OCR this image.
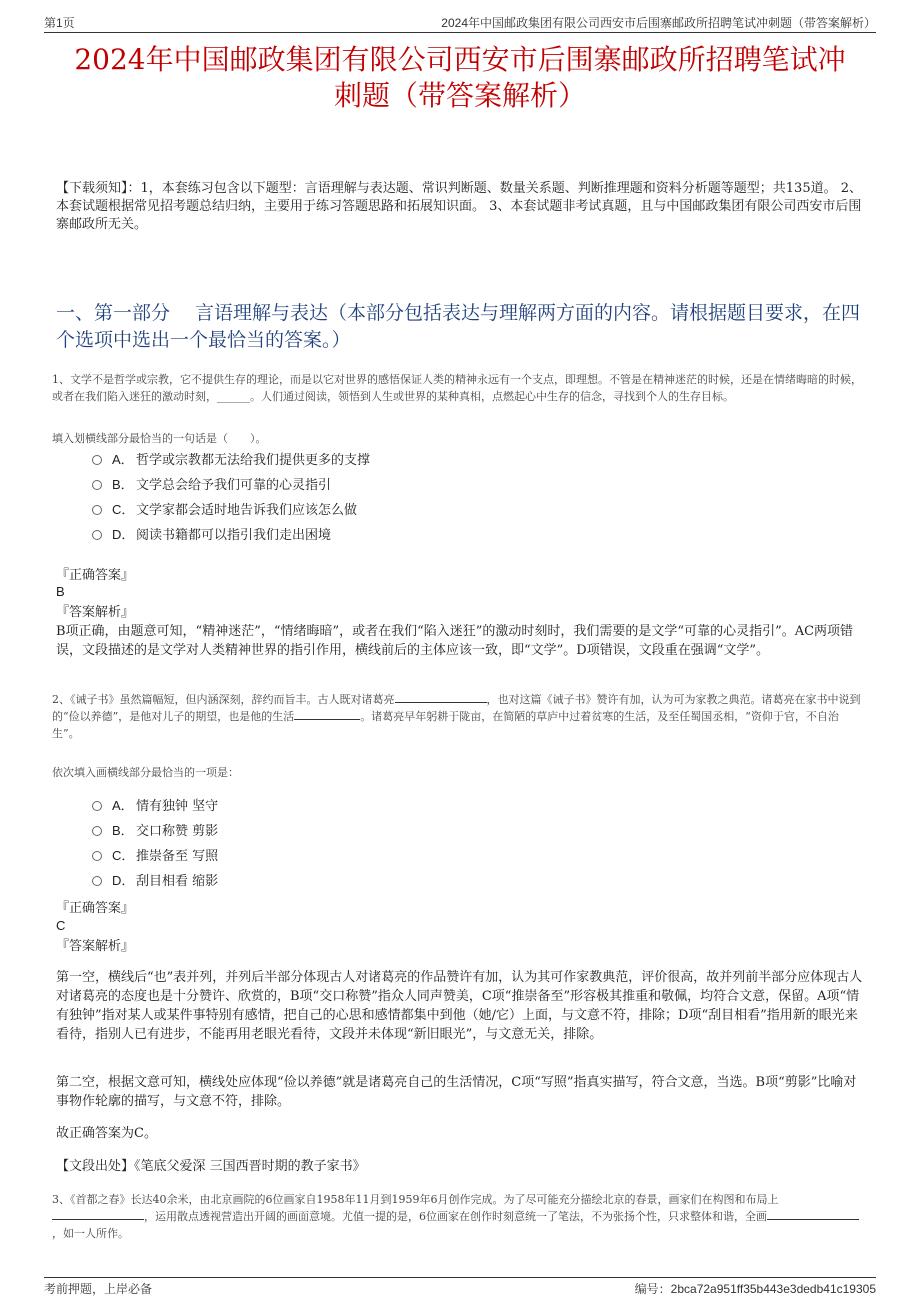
第1页	2024年中国邮政集团有限公司西安市后围寨邮政所招聘笔试冲刺题（带答案解析）
2024年中国邮政集团有限公司西安市后围寨邮政所招聘笔试冲
刺题（带答案解析）
【下载须知】：1，本套练习包含以下题型：言语理解与表达题、常识判断题、数量关系题、判断推理题和资料分析题等题型；共135道。 2、本套试题根据常见招考题总结归纳，主要用于练习答题思路和拓展知识面。 3、本套试题非考试真题，且与中国邮政集团有限公司西安市后围寨邮政所无关。
一、第一部分　 言语理解与表达（本部分包括表达与理解两方面的内容。请根据题目要求，在四个选项中选出一个最恰当的答案。）
1、文学不是哲学或宗教，它不提供生存的理论，而是以它对世界的感悟保证人类的精神永远有一个支点，即理想。不管是在精神迷茫的时候，还是在情绪晦暗的时候，或者在我们陷入迷狂的激动时刻，______。人们通过阅读，领悟到人生或世界的某种真相，点燃起心中生存的信念，寻找到个人的生存目标。
填入划横线部分最恰当的一句话是（　　）。
A． 哲学或宗教都无法给我们提供更多的支撑
B． 文学总会给予我们可靠的心灵指引
C． 文学家都会适时地告诉我们应该怎么做
D． 阅读书籍都可以指引我们走出困境
『正确答案』
B
『答案解析』
B项正确，由题意可知，“精神迷茫”，“情绪晦暗”，或者在我们“陷入迷狂”的激动时刻时，我们需要的是文学“可靠的心灵指引”。AC两项错误，文段描述的是文学对人类精神世界的指引作用，横线前后的主体应该一致，即“文学”。D项错误，文段重在强调“文学”。
2、《诫子书》虽然篇幅短，但内涵深刻，辞约而旨丰。古人既对诸葛亮	，也对这篇《诫子书》赞许有加，认为可为家教之典范。诸葛亮在家书中说到的“俭以养德”，是他对儿子的期望，也是他的生活	。诸葛亮早年躬耕于陇亩，在简陋的草庐中过着贫寒的生活，及至任蜀国丞相，“资仰于官，不自治生”。
依次填入画横线部分最恰当的一项是：
A． 情有独钟 坚守
B． 交口称赞 剪影
C． 推崇备至 写照
D． 刮目相看 缩影
『正确答案』
C
『答案解析』
第一空，横线后“也”表并列，并列后半部分体现古人对诸葛亮的作品赞许有加，认为其可作家教典范，评价很高，故并列前半部分应体现古人对诸葛亮的态度也是十分赞许、欣赏的，B项“交口称赞”指众人同声赞美，C项“推崇备至”形容极其推重和敬佩，均符合文意，保留。A项“情有独钟”指对某人或某件事特别有感情，把自己的心思和感情都集中到他（她/它）上面，与文意不符，排除；D项“刮目相看”指用新的眼光来看待，指别人已有进步，不能再用老眼光看待，文段并未体现“新旧眼光”，与文意无关，排除。
第二空，根据文意可知，横线处应体现“俭以养德”就是诸葛亮自己的生活情况，C项“写照”指真实描写，符合文意，当选。B项“剪影”比喻对事物作轮廓的描写，与文意不符，排除。
故正确答案为C。
【文段出处】《笔底父爱深 三国西晋时期的教子家书》
3、《首都之春》长达40余米，由北京画院的6位画家自1958年11月到1959年6月创作完成。为了尽可能充分描绘北京的春景，画家们在构图和布局上，运用散点透视营造出开阔的画面意境。尤值一提的是，6位画家在创作时刻意统一了笔法，不为张扬个性，只求整体和谐，全画，如一人所作。
考前押题，上岸必备	编号：2bca72a951ff35b443e3dedb41c19305
